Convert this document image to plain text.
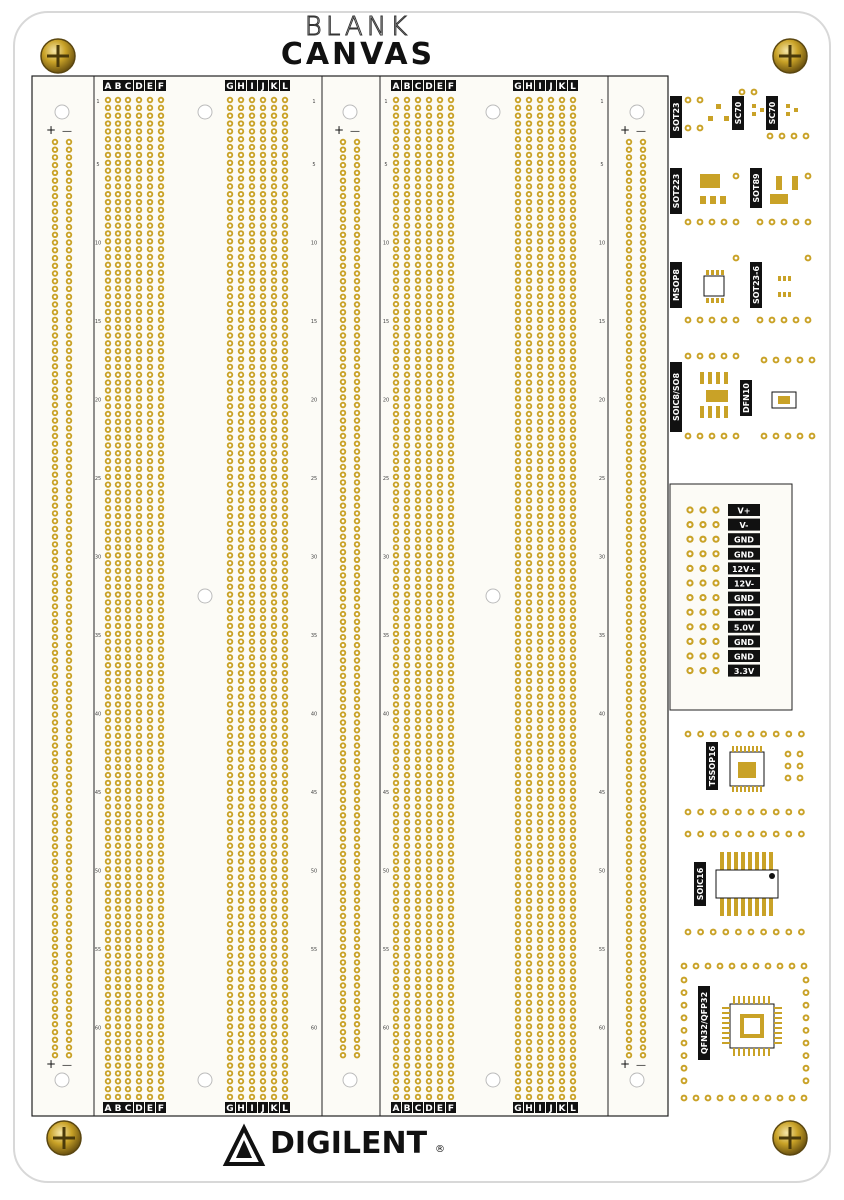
A B C D E F	G H I J K L	A B C D E F	G H I J K L
A B C D E F	G H I J K L	A B C D E F	G H I J K L
1	1	1	1
5	5	5	5
10	10	10	10
15	15	15	15
20	20	20	20
25	25	25	25
30	30	30	30
35	35	35	35
40	40	40	40
45	45	45	45
50	50	50	50
55	55	55	55
60	60	60	60
SOT23	SC70	SC70
SOT223	SOT89
MSOP8	SOT23-6
SOIC8/SO8	DFN10
TSSOP16
SOIC16
QFN32/QFP32
V+
V-
GND
GND
12V+
12V-
GND
GND
5.0V
GND
GND
3.3V
+ —	+ —	+ —
+ —	+ —
BLANK
CANVAS
DIGILENT ®
